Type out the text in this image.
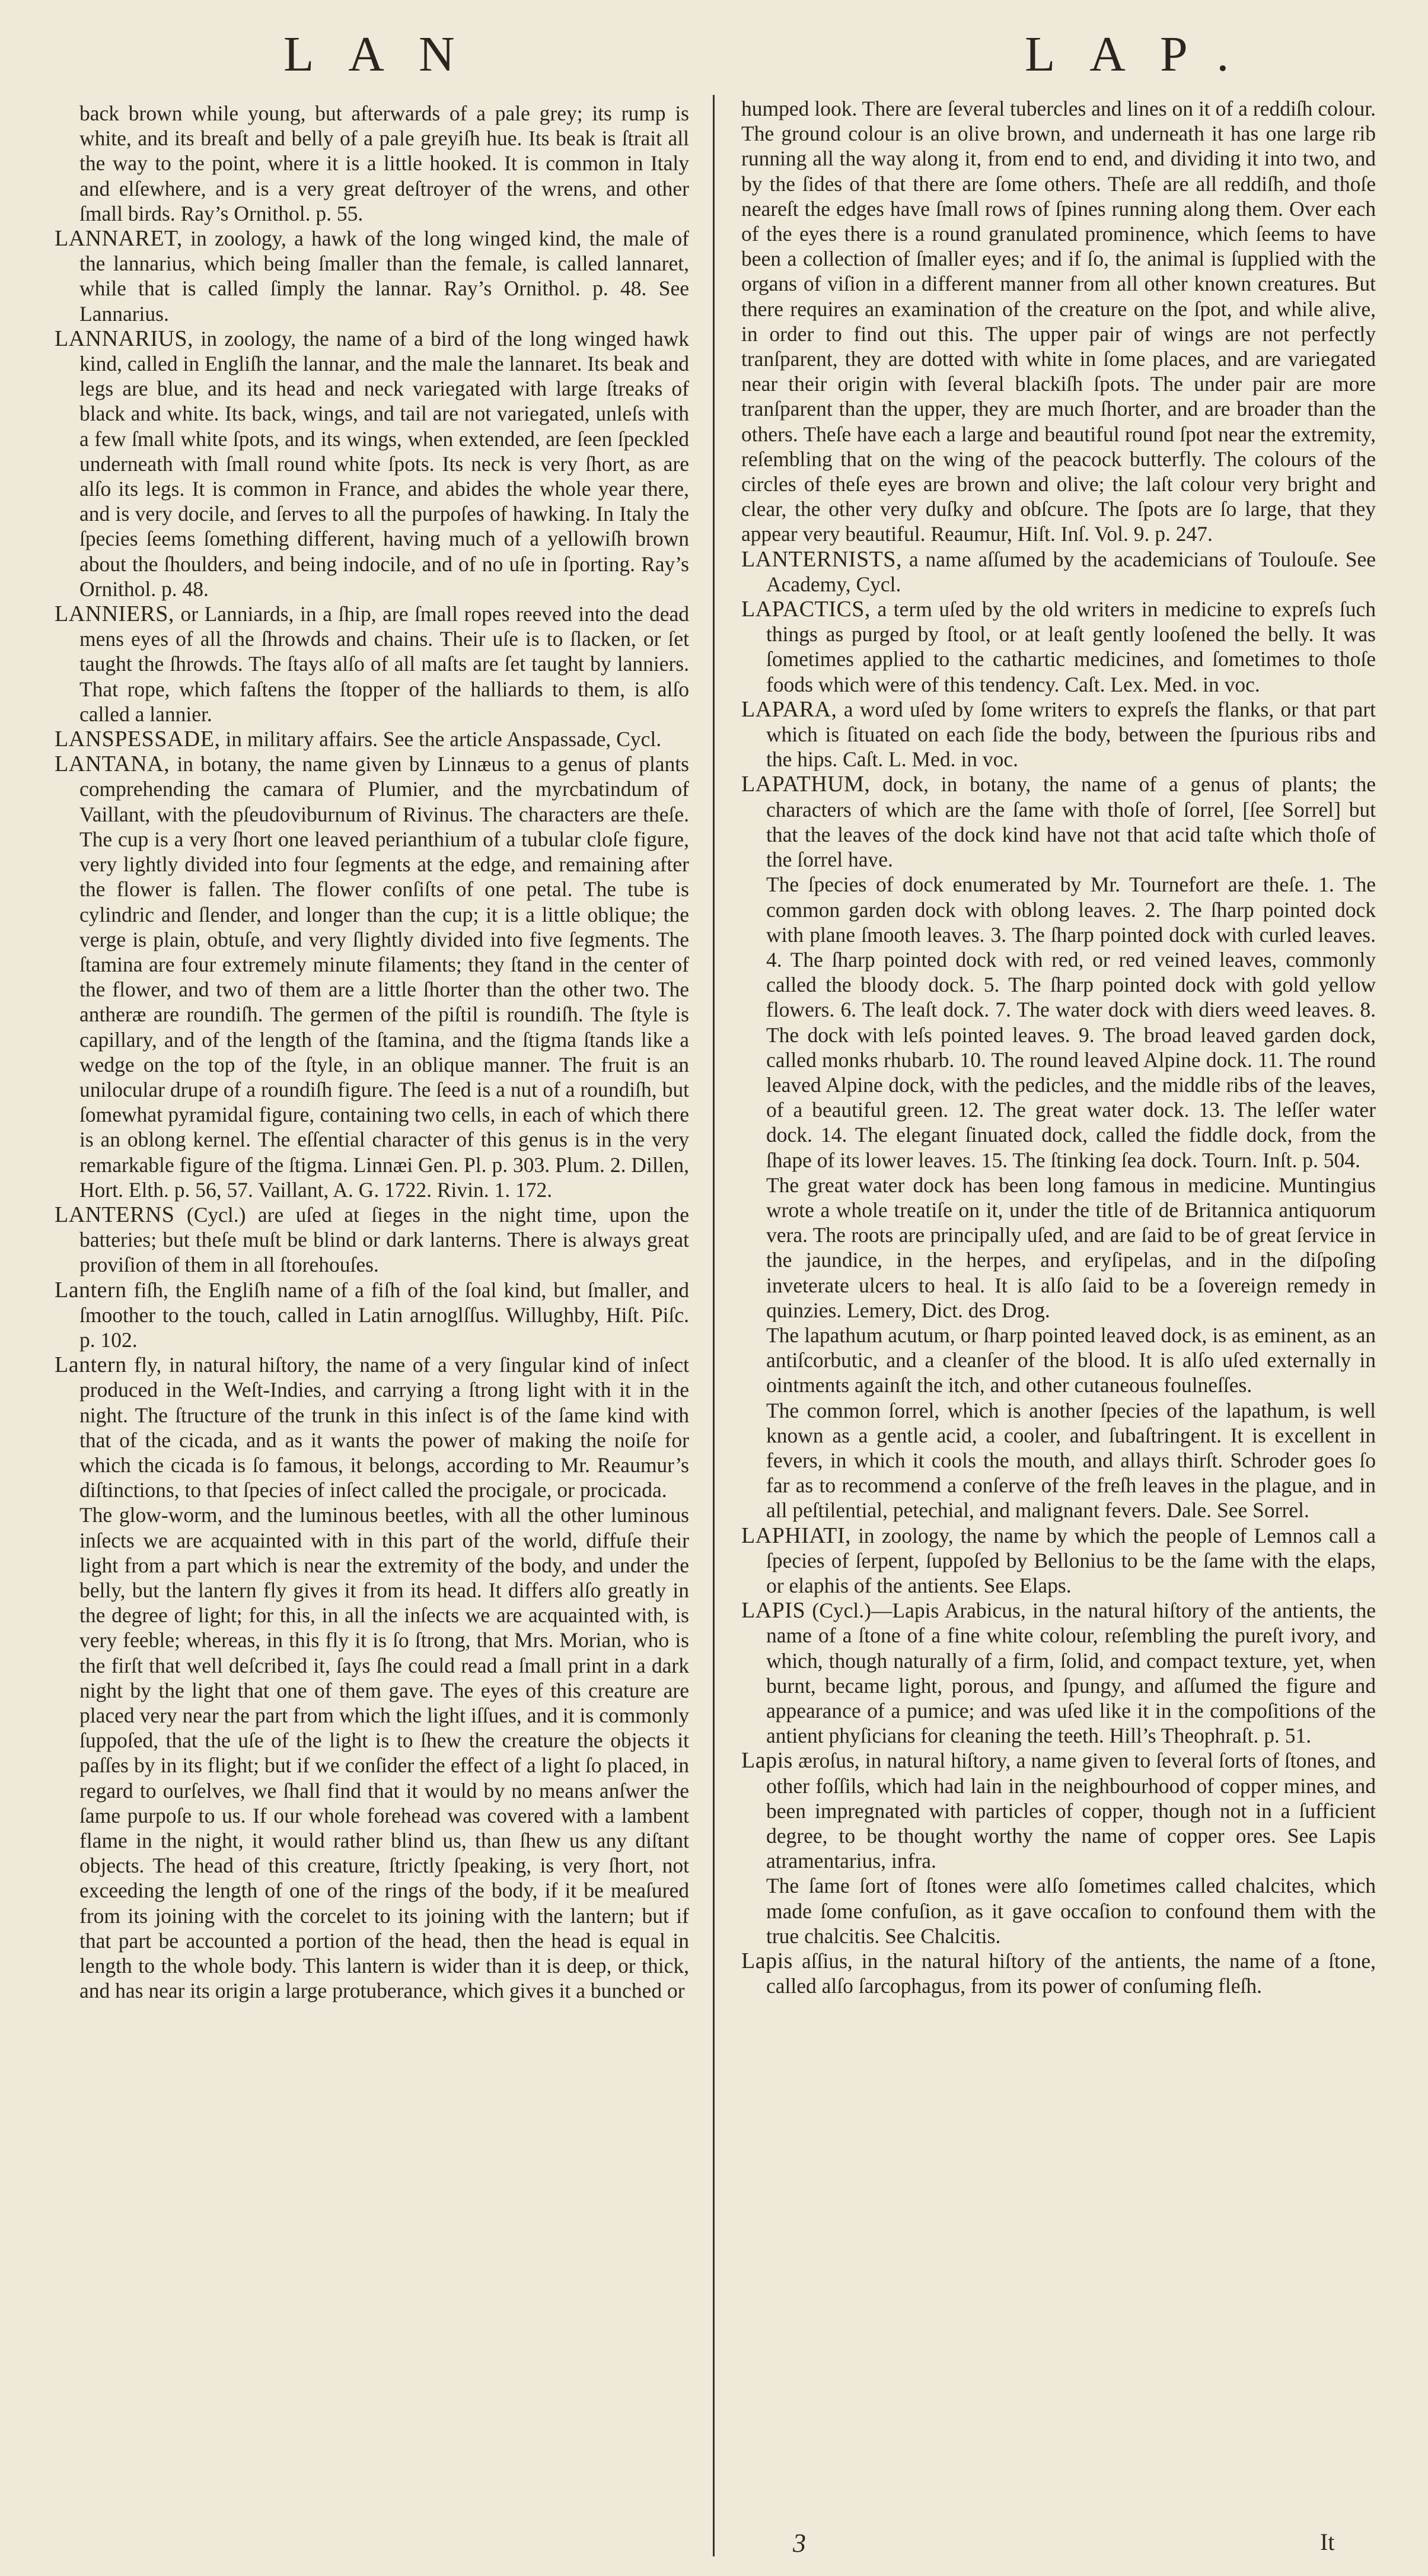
LAN	LAP.

back brown while young, but afterwards of a pale grey; its rump is white, and its breaſt and belly of a pale greyiſh hue. Its beak is ſtrait all the way to the point, where it is a little hooked. It is common in Italy and elſewhere, and is a very great deſtroyer of the wrens, and other ſmall birds. Ray’s Ornithol. p. 55.

LANNARET, in zoology, a hawk of the long winged kind, the male of the lannarius, which being ſmaller than the female, is called lannaret, while that is called ſimply the lannar. Ray’s Ornithol. p. 48. See Lannarius.

LANNARIUS, in zoology, the name of a bird of the long winged hawk kind, called in Engliſh the lannar, and the male the lannaret. Its beak and legs are blue, and its head and neck variegated with large ſtreaks of black and white. Its back, wings, and tail are not variegated, unleſs with a few ſmall white ſpots, and its wings, when extended, are ſeen ſpeckled underneath with ſmall round white ſpots. Its neck is very ſhort, as are alſo its legs. It is common in France, and abides the whole year there, and is very docile, and ſerves to all the purpoſes of hawking. In Italy the ſpecies ſeems ſomething different, having much of a yellowiſh brown about the ſhoulders, and being indocile, and of no uſe in ſporting. Ray’s Ornithol. p. 48.

LANNIERS, or Lanniards, in a ſhip, are ſmall ropes reeved into the dead mens eyes of all the ſhrowds and chains. Their uſe is to ſlacken, or ſet taught the ſhrowds. The ſtays alſo of all maſts are ſet taught by lanniers. That rope, which faſtens the ſtopper of the halliards to them, is alſo called a lannier.

LANSPESSADE, in military affairs. See the article Anspassade, Cycl.

LANTANA, in botany, the name given by Linnæus to a genus of plants comprehending the camara of Plumier, and the myrcbatindum of Vaillant, with the pſeudoviburnum of Rivinus. The characters are theſe. The cup is a very ſhort one leaved perianthium of a tubular cloſe figure, very lightly divided into four ſegments at the edge, and remaining after the flower is fallen. The flower conſiſts of one petal. The tube is cylindric and ſlender, and longer than the cup; it is a little oblique; the verge is plain, obtuſe, and very ſlightly divided into five ſegments. The ſtamina are four extremely minute filaments; they ſtand in the center of the flower, and two of them are a little ſhorter than the other two. The antheræ are roundiſh. The germen of the piſtil is roundiſh. The ſtyle is capillary, and of the length of the ſtamina, and the ſtigma ſtands like a wedge on the top of the ſtyle, in an oblique manner. The fruit is an unilocular drupe of a roundiſh figure. The ſeed is a nut of a roundiſh, but ſomewhat pyramidal figure, containing two cells, in each of which there is an oblong kernel. The eſſential character of this genus is in the very remarkable figure of the ſtigma. Linnæi Gen. Pl. p. 303. Plum. 2. Dillen, Hort. Elth. p. 56, 57. Vaillant, A. G. 1722. Rivin. 1. 172.

LANTERNS (Cycl.) are uſed at ſieges in the night time, upon the batteries; but theſe muſt be blind or dark lanterns. There is always great proviſion of them in all ſtorehouſes.

Lantern fiſh, the Engliſh name of a fiſh of the ſoal kind, but ſmaller, and ſmoother to the touch, called in Latin arnoglſſus. Willughby, Hiſt. Piſc. p. 102.

Lantern fly, in natural hiſtory, the name of a very ſingular kind of inſect produced in the Weſt-Indies, and carrying a ſtrong light with it in the night. The ſtructure of the trunk in this inſect is of the ſame kind with that of the cicada, and as it wants the power of making the noiſe for which the cicada is ſo famous, it belongs, according to Mr. Reaumur’s diſtinctions, to that ſpecies of inſect called the procigale, or procicada.

The glow-worm, and the luminous beetles, with all the other luminous inſects we are acquainted with in this part of the world, diffuſe their light from a part which is near the extremity of the body, and under the belly, but the lantern fly gives it from its head. It differs alſo greatly in the degree of light; for this, in all the inſects we are acquainted with, is very feeble; whereas, in this fly it is ſo ſtrong, that Mrs. Morian, who is the firſt that well deſcribed it, ſays ſhe could read a ſmall print in a dark night by the light that one of them gave. The eyes of this creature are placed very near the part from which the light iſſues, and it is commonly ſuppoſed, that the uſe of the light is to ſhew the creature the objects it paſſes by in its flight; but if we conſider the effect of a light ſo placed, in regard to ourſelves, we ſhall find that it would by no means anſwer the ſame purpoſe to us. If our whole forehead was covered with a lambent flame in the night, it would rather blind us, than ſhew us any diſtant objects. The head of this creature, ſtrictly ſpeaking, is very ſhort, not exceeding the length of one of the rings of the body, if it be meaſured from its joining with the corcelet to its joining with the lantern; but if that part be accounted a portion of the head, then the head is equal in length to the whole body. This lantern is wider than it is deep, or thick, and has near its origin a large protuberance, which gives it a bunched or

humped look. There are ſeveral tubercles and lines on it of a reddiſh colour. The ground colour is an olive brown, and underneath it has one large rib running all the way along it, from end to end, and dividing it into two, and by the ſides of that there are ſome others. Theſe are all reddiſh, and thoſe neareſt the edges have ſmall rows of ſpines running along them. Over each of the eyes there is a round granulated prominence, which ſeems to have been a collection of ſmaller eyes; and if ſo, the animal is ſupplied with the organs of viſion in a different manner from all other known creatures. But there requires an examination of the creature on the ſpot, and while alive, in order to find out this. The upper pair of wings are not perfectly tranſparent, they are dotted with white in ſome places, and are variegated near their origin with ſeveral blackiſh ſpots. The under pair are more tranſparent than the upper, they are much ſhorter, and are broader than the others. Theſe have each a large and beautiful round ſpot near the extremity, reſembling that on the wing of the peacock butterfly. The colours of the circles of theſe eyes are brown and olive; the laſt colour very bright and clear, the other very duſky and obſcure. The ſpots are ſo large, that they appear very beautiful. Reaumur, Hiſt. Inſ. Vol. 9. p. 247.

LANTERNISTS, a name aſſumed by the academicians of Toulouſe. See Academy, Cycl.

LAPACTICS, a term uſed by the old writers in medicine to expreſs ſuch things as purged by ſtool, or at leaſt gently looſened the belly. It was ſometimes applied to the cathartic medicines, and ſometimes to thoſe foods which were of this tendency. Caſt. Lex. Med. in voc.

LAPARA, a word uſed by ſome writers to expreſs the flanks, or that part which is ſituated on each ſide the body, between the ſpurious ribs and the hips. Caſt. L. Med. in voc.

LAPATHUM, dock, in botany, the name of a genus of plants; the characters of which are the ſame with thoſe of ſorrel, [ſee Sorrel] but that the leaves of the dock kind have not that acid taſte which thoſe of the ſorrel have.

The ſpecies of dock enumerated by Mr. Tournefort are theſe. 1. The common garden dock with oblong leaves. 2. The ſharp pointed dock with plane ſmooth leaves. 3. The ſharp pointed dock with curled leaves. 4. The ſharp pointed dock with red, or red veined leaves, commonly called the bloody dock. 5. The ſharp pointed dock with gold yellow flowers. 6. The leaſt dock. 7. The water dock with diers weed leaves. 8. The dock with leſs pointed leaves. 9. The broad leaved garden dock, called monks rhubarb. 10. The round leaved Alpine dock. 11. The round leaved Alpine dock, with the pedicles, and the middle ribs of the leaves, of a beautiful green. 12. The great water dock. 13. The leſſer water dock. 14. The elegant ſinuated dock, called the fiddle dock, from the ſhape of its lower leaves. 15. The ſtinking ſea dock. Tourn. Inſt. p. 504.

The great water dock has been long famous in medicine. Muntingius wrote a whole treatiſe on it, under the title of de Britannica antiquorum vera. The roots are principally uſed, and are ſaid to be of great ſervice in the jaundice, in the herpes, and eryſipelas, and in the diſpoſing inveterate ulcers to heal. It is alſo ſaid to be a ſovereign remedy in quinzies. Lemery, Dict. des Drog.

The lapathum acutum, or ſharp pointed leaved dock, is as eminent, as an antiſcorbutic, and a cleanſer of the blood. It is alſo uſed externally in ointments againſt the itch, and other cutaneous foulneſſes.

The common ſorrel, which is another ſpecies of the lapathum, is well known as a gentle acid, a cooler, and ſubaſtringent. It is excellent in fevers, in which it cools the mouth, and allays thirſt. Schroder goes ſo far as to recommend a conſerve of the freſh leaves in the plague, and in all peſtilential, petechial, and malignant fevers. Dale. See Sorrel.

LAPHIATI, in zoology, the name by which the people of Lemnos call a ſpecies of ſerpent, ſuppoſed by Bellonius to be the ſame with the elaps, or elaphis of the antients. See Elaps.

LAPIS (Cycl.)—Lapis Arabicus, in the natural hiſtory of the antients, the name of a ſtone of a fine white colour, reſembling the pureſt ivory, and which, though naturally of a firm, ſolid, and compact texture, yet, when burnt, became light, porous, and ſpungy, and aſſumed the figure and appearance of a pumice; and was uſed like it in the compoſitions of the antient phyſicians for cleaning the teeth. Hill’s Theophraſt. p. 51.

Lapis æroſus, in natural hiſtory, a name given to ſeveral ſorts of ſtones, and other foſſils, which had lain in the neighbourhood of copper mines, and been impregnated with particles of copper, though not in a ſufficient degree, to be thought worthy the name of copper ores. See Lapis atramentarius, infra.

The ſame ſort of ſtones were alſo ſometimes called chalcites, which made ſome confuſion, as it gave occaſion to confound them with the true chalcitis. See Chalcitis.

Lapis aſſius, in the natural hiſtory of the antients, the name of a ſtone, called alſo ſarcophagus, from its power of conſuming fleſh.

3	It
